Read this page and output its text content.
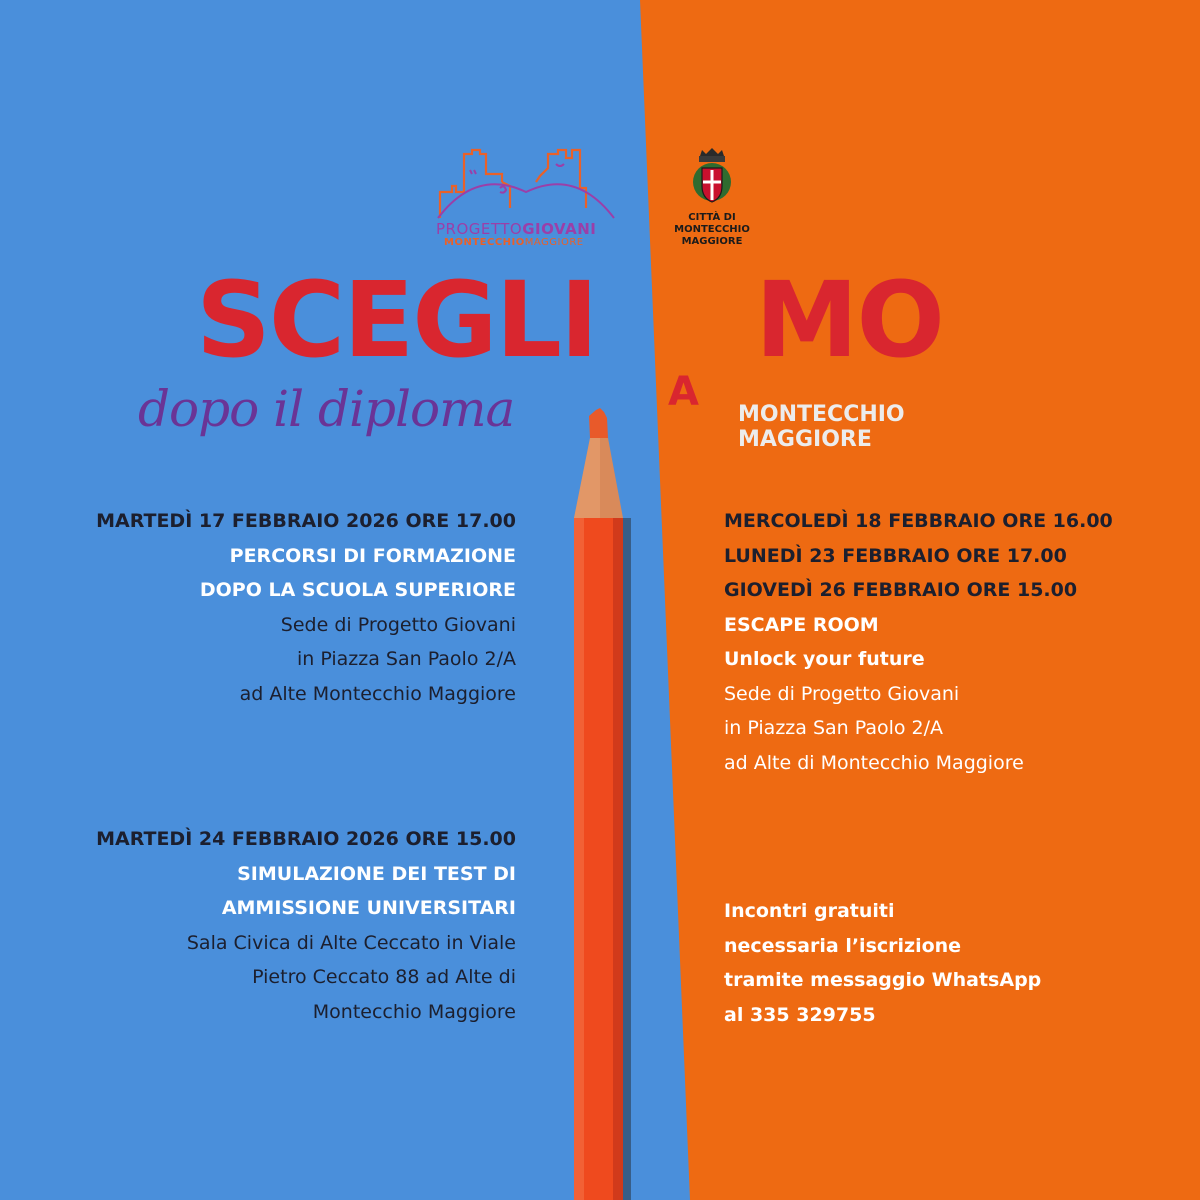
PROGETTOGIOVANI
MONTECCHIOMAGGIORE
CITTÀ DI
MONTECCHIO
MAGGIORE
SCEGLI
A
MO
dopo il diploma	MONTECCHIO
MAGGIORE
MARTEDÌ 17 FEBBRAIO 2026 ORE 17.00
PERCORSI DI FORMAZIONE
DOPO LA SCUOLA SUPERIORE
Sede di Progetto Giovani
in Piazza San Paolo 2/A
ad Alte Montecchio Maggiore
MARTEDÌ 24 FEBBRAIO 2026 ORE 15.00
SIMULAZIONE DEI TEST DI
AMMISSIONE UNIVERSITARI
Sala Civica di Alte Ceccato in Viale
Pietro Ceccato 88 ad Alte di
Montecchio Maggiore
MERCOLEDÌ 18 FEBBRAIO ORE 16.00
LUNEDÌ 23 FEBBRAIO ORE 17.00
GIOVEDÌ 26 FEBBRAIO ORE 15.00
ESCAPE ROOM
Unlock your future
Sede di Progetto Giovani
in Piazza San Paolo 2/A
ad Alte di Montecchio Maggiore
Incontri gratuiti
necessaria l’iscrizione
tramite messaggio WhatsApp
al 335 329755
